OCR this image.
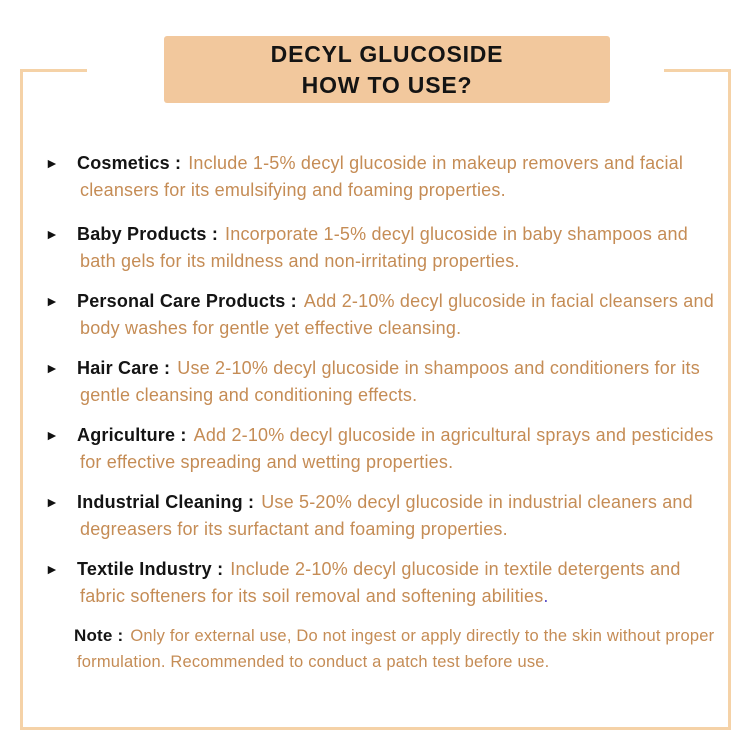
DECYL GLUCOSIDE
HOW TO USE?
►	Cosmetics : Include 1-5% decyl glucoside in makeup removers and facial
cleansers for its emulsifying and foaming properties.
►	Baby Products : Incorporate 1-5% decyl glucoside in baby shampoos and
bath gels for its mildness and non-irritating properties.
►	Personal Care Products : Add 2-10% decyl glucoside in facial cleansers and
body washes for gentle yet effective cleansing.
►	Hair Care : Use 2-10% decyl glucoside in shampoos and conditioners for its
gentle cleansing and conditioning effects.
►	Agriculture : Add 2-10% decyl glucoside in agricultural sprays and pesticides
for effective spreading and wetting properties.
►	Industrial Cleaning : Use 5-20% decyl glucoside in industrial cleaners and
degreasers for its surfactant and foaming properties.
►	Textile Industry : Include 2-10% decyl glucoside in textile detergents and
fabric softeners for its soil removal and softening abilities.
Note : Only for external use, Do not ingest or apply directly to the skin without proper
formulation. Recommended to conduct a patch test before use.
